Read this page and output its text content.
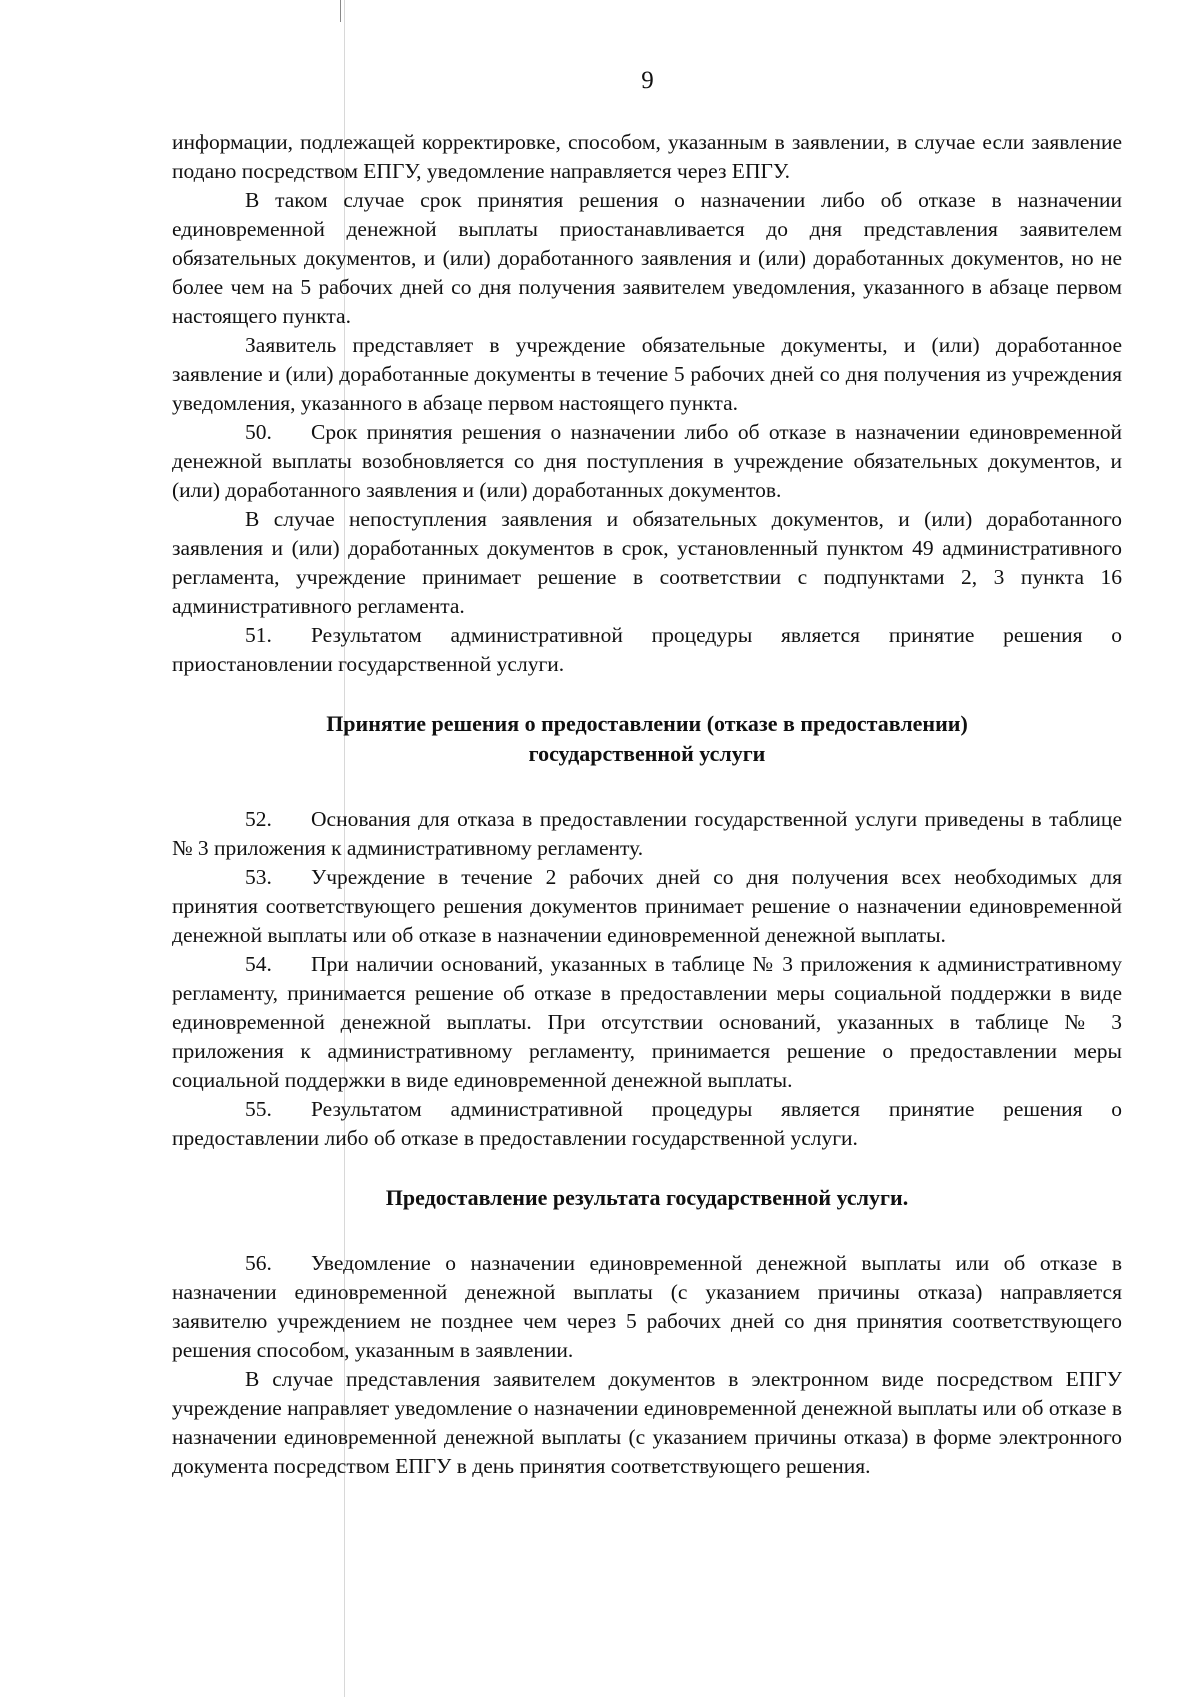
9

информации, подлежащей корректировке, способом, указанным в заявлении, в случае если заявление подано посредством ЕПГУ, уведомление направляется через ЕПГУ.

В таком случае срок принятия решения о назначении либо об отказе в назначении единовременной денежной выплаты приостанавливается до дня представления заявителем обязательных документов, и (или) доработанного заявления и (или) доработанных документов, но не более чем на 5 рабочих дней со дня получения заявителем уведомления, указанного в абзаце первом настоящего пункта.

Заявитель представляет в учреждение обязательные документы, и (или) доработанное заявление и (или) доработанные документы в течение 5 рабочих дней со дня получения из учреждения уведомления, указанного в абзаце первом настоящего пункта.

50. Срок принятия решения о назначении либо об отказе в назначении единовременной денежной выплаты возобновляется со дня поступления в учреждение обязательных документов, и (или) доработанного заявления и (или) доработанных документов.

В случае непоступления заявления и обязательных документов, и (или) доработанного заявления и (или) доработанных документов в срок, установленный пунктом 49 административного регламента, учреждение принимает решение в соответствии с подпунктами 2, 3 пункта 16 административного регламента.

51. Результатом административной процедуры является принятие решения о приостановлении государственной услуги.

Принятие решения о предоставлении (отказе в предоставлении)
государственной услуги

52. Основания для отказа в предоставлении государственной услуги приведены в таблице № 3 приложения к административному регламенту.

53. Учреждение в течение 2 рабочих дней со дня получения всех необходимых для принятия соответствующего решения документов принимает решение о назначении единовременной денежной выплаты или об отказе в назначении единовременной денежной выплаты.

54. При наличии оснований, указанных в таблице № 3 приложения к административному регламенту, принимается решение об отказе в предоставлении меры социальной поддержки в виде единовременной денежной выплаты. При отсутствии оснований, указанных в таблице № 3 приложения к административному регламенту, принимается решение о предоставлении меры социальной поддержки в виде единовременной денежной выплаты.

55. Результатом административной процедуры является принятие решения о предоставлении либо об отказе в предоставлении государственной услуги.

Предоставление результата государственной услуги.

56. Уведомление о назначении единовременной денежной выплаты или об отказе в назначении единовременной денежной выплаты (с указанием причины отказа) направляется заявителю учреждением не позднее чем через 5 рабочих дней со дня принятия соответствующего решения способом, указанным в заявлении.

В случае представления заявителем документов в электронном виде посредством ЕПГУ учреждение направляет уведомление о назначении единовременной денежной выплаты или об отказе в назначении единовременной денежной выплаты (с указанием причины отказа) в форме электронного документа посредством ЕПГУ в день принятия соответствующего решения.
